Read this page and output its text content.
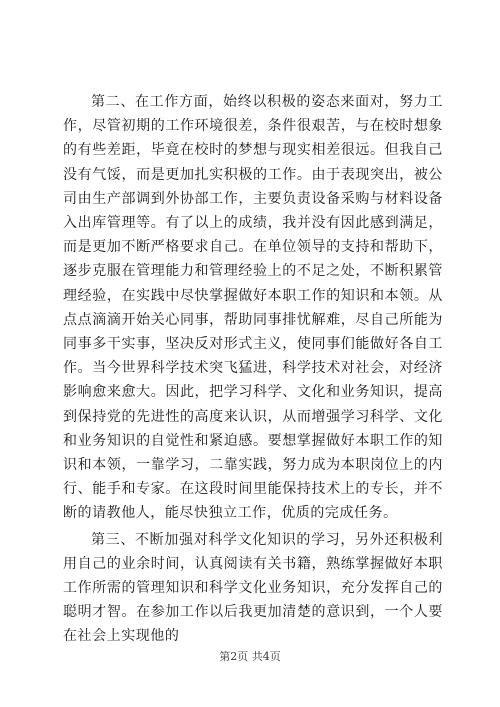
第二、在工作方面，始终以积极的姿态来面对，努力工作，尽管初期的工作环境很差，条件很艰苦，与在校时想象的有些差距，毕竟在校时的梦想与现实相差很远。但我自己没有气馁，而是更加扎实积极的工作。由于表现突出，被公司由生产部调到外协部工作，主要负责设备采购与材料设备入出库管理等。有了以上的成绩，我并没有因此感到满足，而是更加不断严格要求自己。在单位领导的支持和帮助下，逐步克服在管理能力和管理经验上的不足之处，不断积累管理经验，在实践中尽快掌握做好本职工作的知识和本领。从点点滴滴开始关心同事，帮助同事排忧解难，尽自己所能为同事多干实事，坚决反对形式主义，使同事们能做好各自工作。当今世界科学技术突飞猛进，科学技术对社会，对经济影响愈来愈大。因此，把学习科学、文化和业务知识，提高到保持党的先进性的高度来认识，从而增强学习科学、文化和业务知识的自觉性和紧迫感。要想掌握做好本职工作的知识和本领，一靠学习，二靠实践，努力成为本职岗位上的内行、能手和专家。在这段时间里能保持技术上的专长，并不断的请教他人，能尽快独立工作，优质的完成任务。

第三、不断加强对科学文化知识的学习，另外还积极利用自己的业余时间，认真阅读有关书籍，熟练掌握做好本职工作所需的管理知识和科学文化业务知识，充分发挥自己的聪明才智。在参加工作以后我更加清楚的意识到，一个人要在社会上实现他的

第2页 共4页
